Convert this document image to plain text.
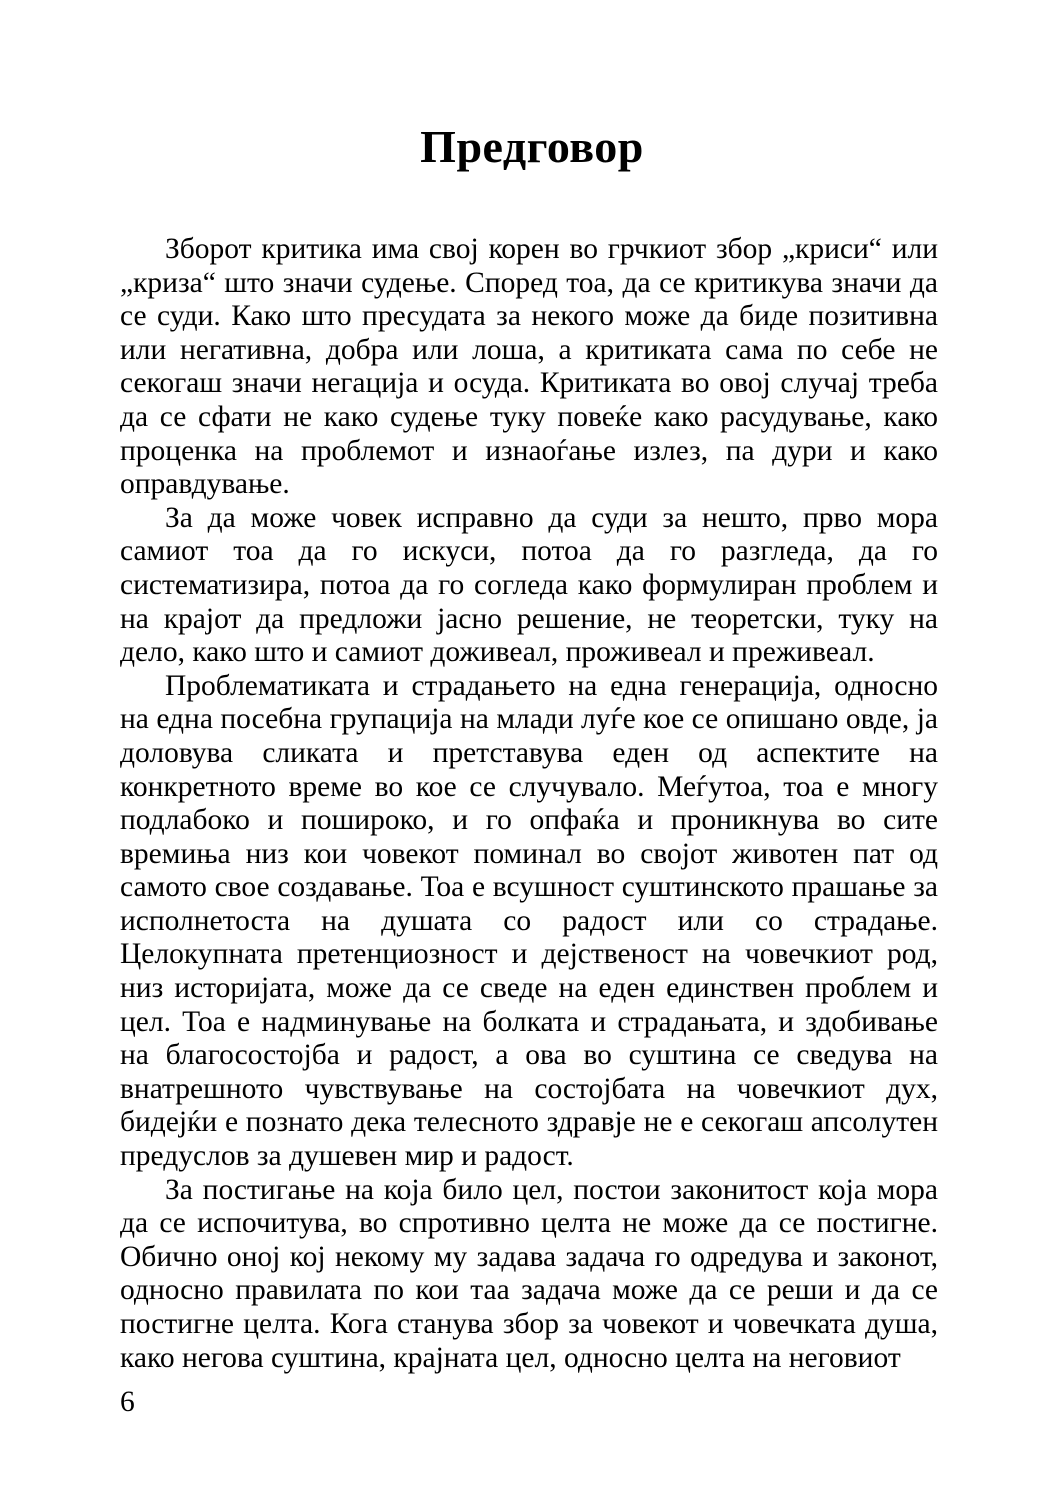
Предговор

Зборот критика има свој корен во грчкиот збор „криси“ или „криза“ што значи судење. Според тоа, да се критикува значи да се суди. Како што пресудата за некого може да биде позитивна или негативна, добра или лоша, а критиката сама по себе не секогаш значи негација и осуда. Критиката во овој случај треба да се сфати не како судење туку повеќе како расудување, како проценка на проблемот и изнаоѓање излез, па дури и како оправдување.

За да може човек исправно да суди за нешто, прво мора самиот тоа да го искуси, потоа да го разгледа, да го систематизира, потоа да го согледа како формулиран проблем и на крајот да предложи јасно решение, не теоретски, туку на дело, како што и самиот доживеал, проживеал и преживеал.

Проблематиката и страдањето на една генерација, односно на една посебна групација на млади луѓе кое се опишано овде, ја доловува сликата и претставува еден од аспектите на конкретното време во кое се случувало. Меѓутоа, тоа е многу подлабоко и пошироко, и го опфаќа и проникнува во сите времиња низ кои човекот поминал во својот животен пат од самото свое создавање. Тоа е всушност суштинското прашање за исполнетоста на душата со радост или со страдање. Целокупната претенциозност и дејственост на човечкиот род, низ историјата, може да се сведе на еден единствен проблем и цел. Тоа е надминување на болката и страдањата, и здобивање на благосостојба и радост, а ова во суштина се сведува на внатрешното чувствување на состојбата на човечкиот дух, бидејќи е познато дека телесното здравје не е секогаш апсолутен предуслов за душевен мир и радост.

За постигање на која било цел, постои законитост која мора да се испочитува, во спротивно целта не може да се постигне. Обично оној кој некому му задава задача го одредува и законот, односно правилата по кои таа задача може да се реши и да се постигне целта. Кога станува збор за човекот и човечката душа, како негова суштина, крајната цел, односно целта на неговиот

6
